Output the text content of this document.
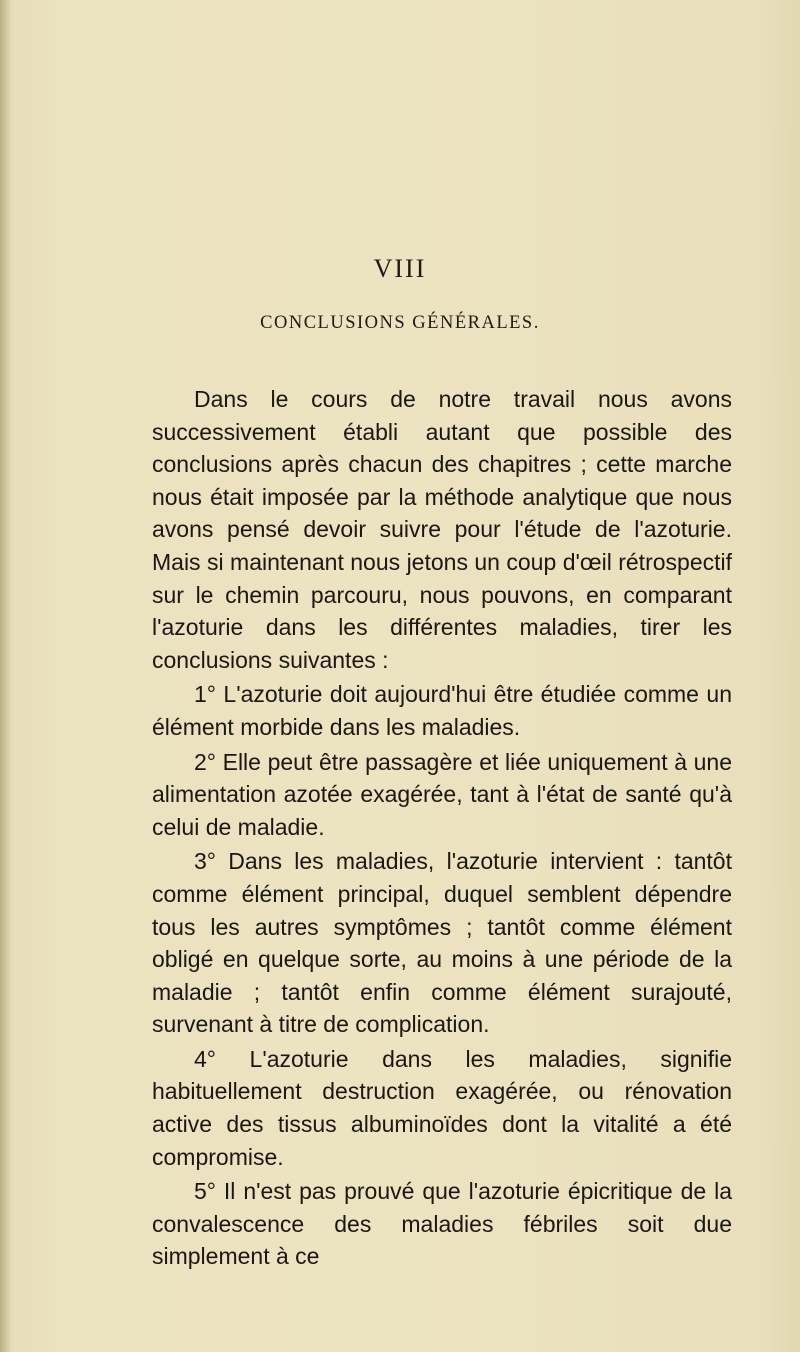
VIII
CONCLUSIONS GÉNÉRALES.

Dans le cours de notre travail nous avons successivement établi autant que possible des conclusions après chacun des chapitres ; cette marche nous était imposée par la méthode analytique que nous avons pensé devoir suivre pour l'étude de l'azoturie. Mais si maintenant nous jetons un coup d'œil rétrospectif sur le chemin parcouru, nous pouvons, en comparant l'azoturie dans les différentes maladies, tirer les conclusions suivantes :

1° L'azoturie doit aujourd'hui être étudiée comme un élément morbide dans les maladies.

2° Elle peut être passagère et liée uniquement à une alimentation azotée exagérée, tant à l'état de santé qu'à celui de maladie.

3° Dans les maladies, l'azoturie intervient : tantôt comme élément principal, duquel semblent dépendre tous les autres symptômes ; tantôt comme élément obligé en quelque sorte, au moins à une période de la maladie ; tantôt enfin comme élément surajouté, survenant à titre de complication.

4° L'azoturie dans les maladies, signifie habituellement destruction exagérée, ou rénovation active des tissus albuminoïdes dont la vitalité a été compromise.

5° Il n'est pas prouvé que l'azoturie épicritique de la convalescence des maladies fébriles soit due simplement à ce
